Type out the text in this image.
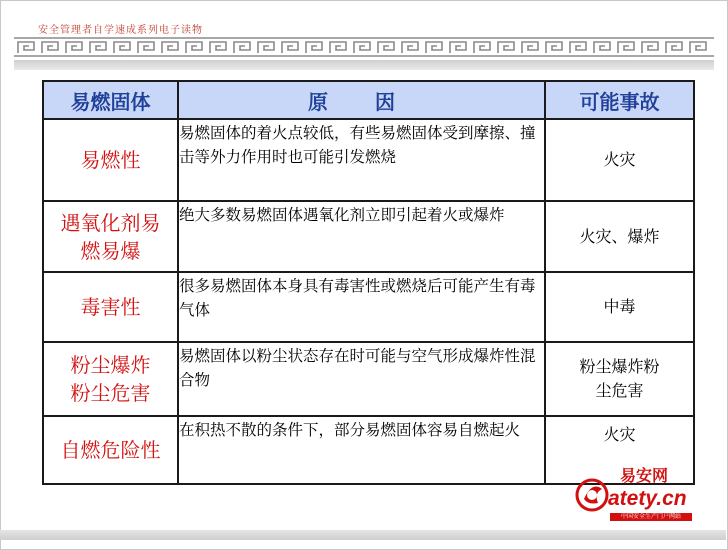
安全管理者自学速成系列电子读物
易燃固体	原 因	可能事故
易燃性	易燃固体的着火点较低，有些易燃固体受到摩擦、撞击等外力作用时也可能引发燃烧	火灾
遇氧化剂易燃易爆	绝大多数易燃固体遇氧化剂立即引起着火或爆炸	火灾、爆炸
毒害性	很多易燃固体本身具有毒害性或燃烧后可能产生有毒气体	中毒
粉尘爆炸粉尘危害	易燃固体以粉尘状态存在时可能与空气形成爆炸性混合物	粉尘爆炸粉尘危害
自燃危险性	在积热不散的条件下，部分易燃固体容易自燃起火	火灾
易安网
atety.cn
中国安全生产门户网站
